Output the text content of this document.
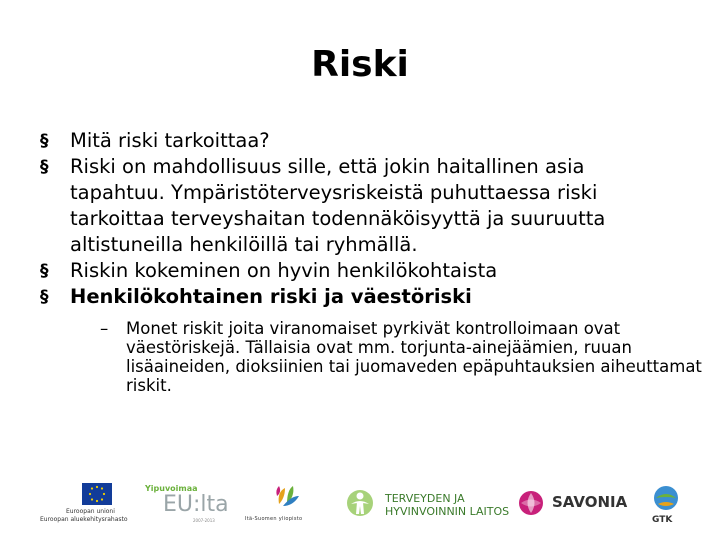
Riski
§	Mitä riski tarkoittaa?
§	Riski on mahdollisuus sille, että jokin haitallinen asia tapahtuu. Ympäristöterveysriskeistä puhuttaessa riski tarkoittaa terveyshaitan todennäköisyyttä ja suuruutta altistuneilla henkilöillä tai ryhmällä.
§	Riskin kokeminen on hyvin henkilökohtaista
§	Henkilökohtainen riski ja väestöriski
– Monet riskit joita viranomaiset pyrkivät kontrolloimaan ovat väestöriskejä. Tällaisia ovat mm. torjunta-ainejäämien, ruuan lisäaineiden, dioksiinien tai juomaveden epäpuhtauksien aiheuttamat riskit.
Euroopan unioni
Euroopan aluekehitysrahasto
Yipuvoimaa
EU:lta
2007-2013	Itä-Suomen yliopisto
TERVEYDEN JA
HYVINVOINNIN LAITOS
SAVONIA
GTK
